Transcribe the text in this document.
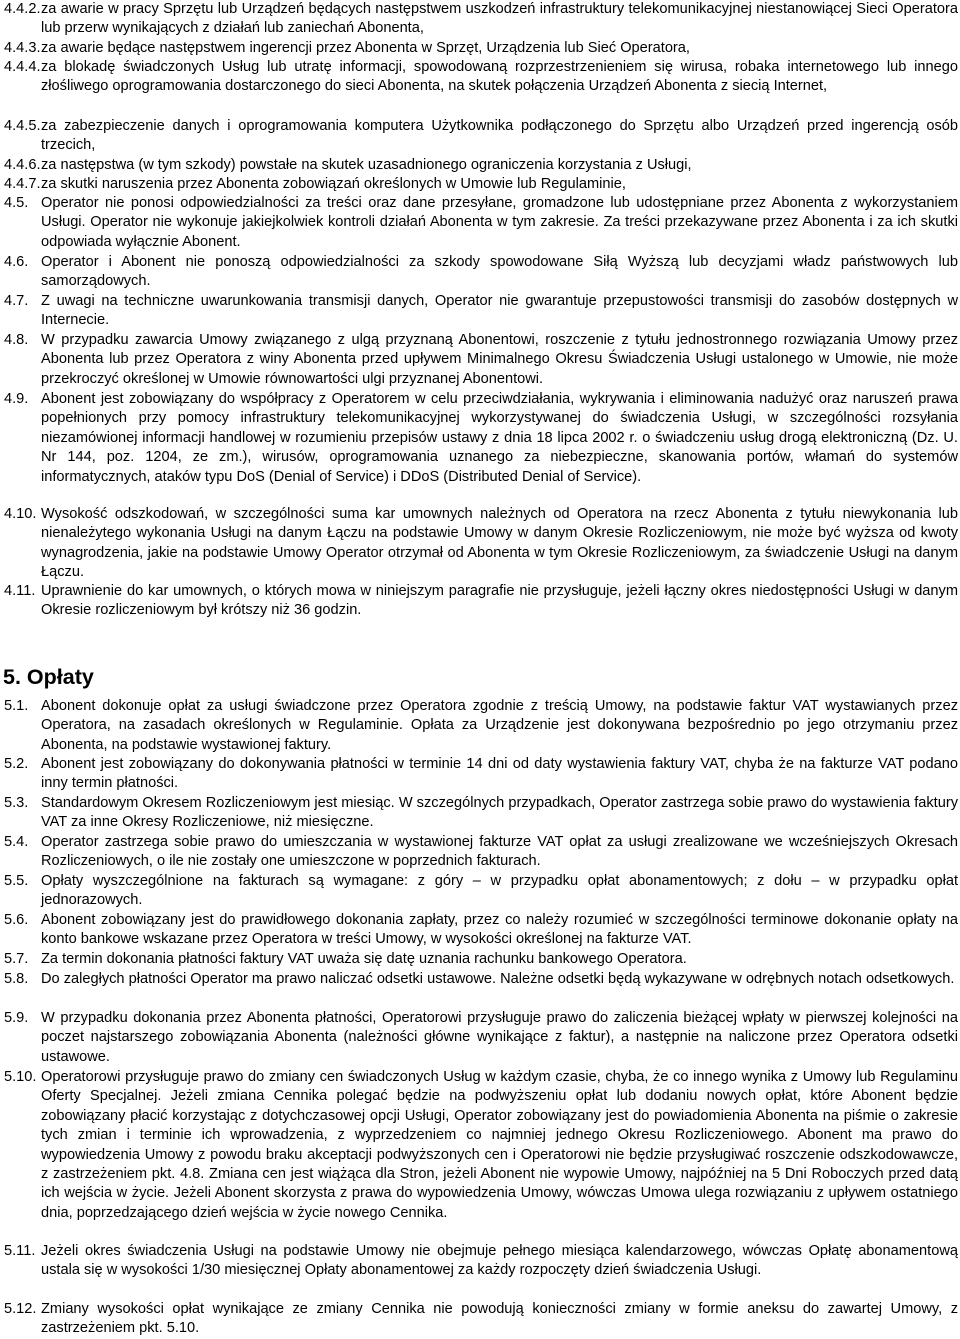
4.4.2. za awarie w pracy Sprzętu lub Urządzeń będących następstwem uszkodzeń infrastruktury telekomunikacyjnej niestanowiącej Sieci Operatora lub przerw wynikających z działań lub zaniechań Abonenta,
4.4.3. za awarie będące następstwem ingerencji przez Abonenta w Sprzęt, Urządzenia lub Sieć Operatora,
4.4.4. za blokadę świadczonych Usług lub utratę informacji, spowodowaną rozprzestrzenieniem się wirusa, robaka internetowego lub innego złośliwego oprogramowania dostarczonego do sieci Abonenta, na skutek połączenia Urządzeń Abonenta z siecią Internet,
4.4.5. za zabezpieczenie danych i oprogramowania komputera Użytkownika podłączonego do Sprzętu albo Urządzeń przed ingerencją osób trzecich,
4.4.6. za następstwa (w tym szkody) powstałe na skutek uzasadnionego ograniczenia korzystania z Usługi,
4.4.7. za skutki naruszenia przez Abonenta zobowiązań określonych w Umowie lub Regulaminie,
4.5. Operator nie ponosi odpowiedzialności za treści oraz dane przesyłane, gromadzone lub udostępniane przez Abonenta z wykorzystaniem Usługi. Operator nie wykonuje jakiejkolwiek kontroli działań Abonenta w tym zakresie. Za treści przekazywane przez Abonenta i za ich skutki odpowiada wyłącznie Abonent.
4.6. Operator i Abonent nie ponoszą odpowiedzialności za szkody spowodowane Siłą Wyższą lub decyzjami władz państwowych lub samorządowych.
4.7. Z uwagi na techniczne uwarunkowania transmisji danych, Operator nie gwarantuje przepustowości transmisji do zasobów dostępnych w Internecie.
4.8. W przypadku zawarcia Umowy związanego z ulgą przyznaną Abonentowi, roszczenie z tytułu jednostronnego rozwiązania Umowy przez Abonenta lub przez Operatora z winy Abonenta przed upływem Minimalnego Okresu Świadczenia Usługi ustalonego w Umowie, nie może przekroczyć określonej w Umowie równowartości ulgi przyznanej Abonentowi.
4.9. Abonent jest zobowiązany do współpracy z Operatorem w celu przeciwdziałania, wykrywania i eliminowania nadużyć oraz naruszeń prawa popełnionych przy pomocy infrastruktury telekomunikacyjnej wykorzystywanej do świadczenia Usługi, w szczególności rozsyłania niezamówionej informacji handlowej w rozumieniu przepisów ustawy z dnia 18 lipca 2002 r. o świadczeniu usług drogą elektroniczną (Dz. U. Nr 144, poz. 1204, ze zm.), wirusów, oprogramowania uznanego za niebezpieczne, skanowania portów, włamań do systemów informatycznych, ataków typu DoS (Denial of Service) i DDoS (Distributed Denial of Service).
4.10. Wysokość odszkodowań, w szczególności suma kar umownych należnych od Operatora na rzecz Abonenta z tytułu niewykonania lub nienależytego wykonania Usługi na danym Łączu na podstawie Umowy w danym Okresie Rozliczeniowym, nie może być wyższa od kwoty wynagrodzenia, jakie na podstawie Umowy Operator otrzymał od Abonenta w tym Okresie Rozliczeniowym, za świadczenie Usługi na danym Łączu.
4.11. Uprawnienie do kar umownych, o których mowa w niniejszym paragrafie nie przysługuje, jeżeli łączny okres niedostępności Usługi w danym Okresie rozliczeniowym był krótszy niż 36 godzin.
5. Opłaty
5.1. Abonent dokonuje opłat za usługi świadczone przez Operatora zgodnie z treścią Umowy, na podstawie faktur VAT wystawianych przez Operatora, na zasadach określonych w Regulaminie. Opłata za Urządzenie jest dokonywana bezpośrednio po jego otrzymaniu przez Abonenta, na podstawie wystawionej faktury.
5.2. Abonent jest zobowiązany do dokonywania płatności w terminie 14 dni od daty wystawienia faktury VAT, chyba że na fakturze VAT podano inny termin płatności.
5.3. Standardowym Okresem Rozliczeniowym jest miesiąc. W szczególnych przypadkach, Operator zastrzega sobie prawo do wystawienia faktury VAT za inne Okresy Rozliczeniowe, niż miesięczne.
5.4. Operator zastrzega sobie prawo do umieszczania w wystawionej fakturze VAT opłat za usługi zrealizowane we wcześniejszych Okresach Rozliczeniowych, o ile nie zostały one umieszczone w poprzednich fakturach.
5.5. Opłaty wyszczególnione na fakturach są wymagane: z góry – w przypadku opłat abonamentowych; z dołu – w przypadku opłat jednorazowych.
5.6. Abonent zobowiązany jest do prawidłowego dokonania zapłaty, przez co należy rozumieć w szczególności terminowe dokonanie opłaty na konto bankowe wskazane przez Operatora w treści Umowy, w wysokości określonej na fakturze VAT.
5.7. Za termin dokonania płatności faktury VAT uważa się datę uznania rachunku bankowego Operatora.
5.8. Do zaległych płatności Operator ma prawo naliczać odsetki ustawowe. Należne odsetki będą wykazywane w odrębnych notach odsetkowych.
5.9. W przypadku dokonania przez Abonenta płatności, Operatorowi przysługuje prawo do zaliczenia bieżącej wpłaty w pierwszej kolejności na poczet najstarszego zobowiązania Abonenta (należności główne wynikające z faktur), a następnie na naliczone przez Operatora odsetki ustawowe.
5.10. Operatorowi przysługuje prawo do zmiany cen świadczonych Usług w każdym czasie, chyba, że co innego wynika z Umowy lub Regulaminu Oferty Specjalnej. Jeżeli zmiana Cennika polegać będzie na podwyższeniu opłat lub dodaniu nowych opłat, które Abonent będzie zobowiązany płacić korzystając z dotychczasowej opcji Usługi, Operator zobowiązany jest do powiadomienia Abonenta na piśmie o zakresie tych zmian i terminie ich wprowadzenia, z wyprzedzeniem co najmniej jednego Okresu Rozliczeniowego. Abonent ma prawo do wypowiedzenia Umowy z powodu braku akceptacji podwyższonych cen i Operatorowi nie będzie przysługiwać roszczenie odszkodowawcze, z zastrzeżeniem pkt. 4.8. Zmiana cen jest wiążąca dla Stron, jeżeli Abonent nie wypowie Umowy, najpóźniej na 5 Dni Roboczych przed datą ich wejścia w życie. Jeżeli Abonent skorzysta z prawa do wypowiedzenia Umowy, wówczas Umowa ulega rozwiązaniu z upływem ostatniego dnia, poprzedzającego dzień wejścia w życie nowego Cennika.
5.11. Jeżeli okres świadczenia Usługi na podstawie Umowy nie obejmuje pełnego miesiąca kalendarzowego, wówczas Opłatę abonamentową ustala się w wysokości 1/30 miesięcznej Opłaty abonamentowej za każdy rozpoczęty dzień świadczenia Usługi.
5.12. Zmiany wysokości opłat wynikające ze zmiany Cennika nie powodują konieczności zmiany w formie aneksu do zawartej Umowy, z zastrzeżeniem pkt. 5.10.
